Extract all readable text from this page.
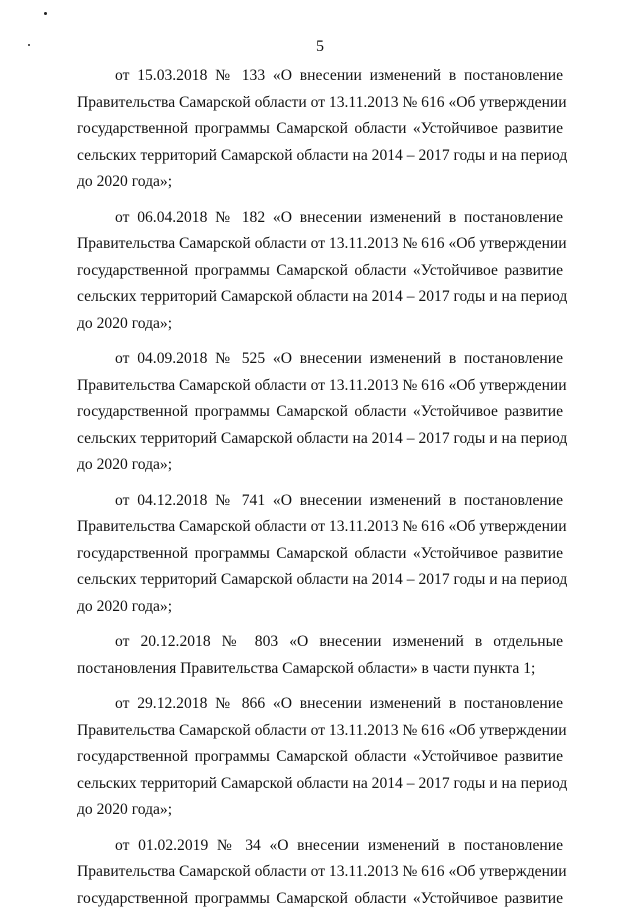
5

от 15.03.2018 № 133 «О внесении изменений в постановление
Правительства Самарской области от 13.11.2013 № 616 «Об утверждении
государственной программы Самарской области «Устойчивое развитие
сельских территорий Самарской области на 2014 – 2017 годы и на период
до 2020 года»;

от 06.04.2018 № 182 «О внесении изменений в постановление
Правительства Самарской области от 13.11.2013 № 616 «Об утверждении
государственной программы Самарской области «Устойчивое развитие
сельских территорий Самарской области на 2014 – 2017 годы и на период
до 2020 года»;

от 04.09.2018 № 525 «О внесении изменений в постановление
Правительства Самарской области от 13.11.2013 № 616 «Об утверждении
государственной программы Самарской области «Устойчивое развитие
сельских территорий Самарской области на 2014 – 2017 годы и на период
до 2020 года»;

от 04.12.2018 № 741 «О внесении изменений в постановление
Правительства Самарской области от 13.11.2013 № 616 «Об утверждении
государственной программы Самарской области «Устойчивое развитие
сельских территорий Самарской области на 2014 – 2017 годы и на период
до 2020 года»;

от 20.12.2018 № 803 «О внесении изменений в отдельные
постановления Правительства Самарской области» в части пункта 1;

от 29.12.2018 № 866 «О внесении изменений в постановление
Правительства Самарской области от 13.11.2013 № 616 «Об утверждении
государственной программы Самарской области «Устойчивое развитие
сельских территорий Самарской области на 2014 – 2017 годы и на период
до 2020 года»;

от 01.02.2019 № 34 «О внесении изменений в постановление
Правительства Самарской области от 13.11.2013 № 616 «Об утверждении
государственной программы Самарской области «Устойчивое развитие
